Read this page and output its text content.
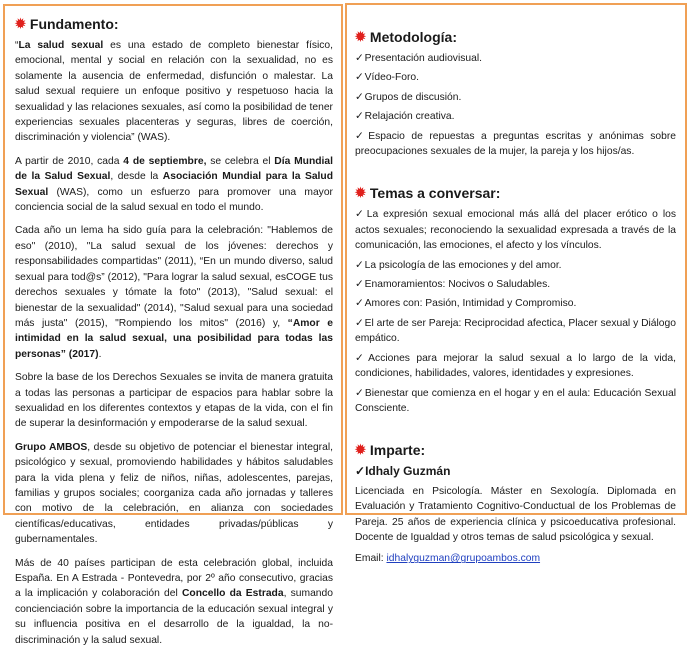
✹ Fundamento:

“La salud sexual es una estado de completo bienestar físico, emocional, mental y social en relación con la sexualidad, no es solamente la ausencia de enfermedad, disfunción o malestar. La salud sexual requiere un enfoque positivo y respetuoso hacia la sexualidad y las relaciones sexuales, así como la posibilidad de tener experiencias sexuales placenteras y seguras, libres de coerción, discriminación y violencia” (WAS).

A partir de 2010, cada 4 de septiembre, se celebra el Día Mundial de la Salud Sexual, desde la Asociación Mundial para la Salud Sexual (WAS), como un esfuerzo para promover una mayor conciencia social de la salud sexual en todo el mundo.

Cada año un lema ha sido guía para la celebración: "Hablemos de eso" (2010), "La salud sexual de los jóvenes: derechos y responsabilidades compartidas" (2011), “En un mundo diverso, salud sexual para tod@s” (2012), "Para lograr la salud sexual, esCOGE tus derechos sexuales y tómate la foto" (2013), "Salud sexual: el bienestar de la sexualidad" (2014), "Salud sexual para una sociedad más justa" (2015), "Rompiendo los mitos" (2016) y, “Amor e intimidad en la salud sexual, una posibilidad para todas las personas” (2017).

Sobre la base de los Derechos Sexuales se invita de manera gratuita a todas las personas a participar de espacios para hablar sobre la sexualidad en los diferentes contextos y etapas de la vida, con el fin de superar la desinformación y empoderarse de la salud sexual.

Grupo AMBOS, desde su objetivo de potenciar el bienestar integral, psicológico y sexual, promoviendo habilidades y hábitos saludables para la vida plena y feliz de niños, niñas, adolescentes, parejas, familias y grupos sociales; coorganiza cada año jornadas y talleres con motivo de la celebración, en alianza con sociedades científicas/educativas, entidades privadas/públicas y gubernamentales.

Más de 40 países participan de esta celebración global, incluida España. En A Estrada - Pontevedra, por 2º año consecutivo, gracias a la implicación y colaboración del Concello da Estrada, sumando concienciación sobre la importancia de la educación sexual integral y su influencia positiva en el desarrollo de la igualdad, la no-discriminación y la salud sexual.

✹ Metodología:

✓Presentación audiovisual.

✓Vídeo-Foro.

✓Grupos de discusión.

✓Relajación creativa.

✓Espacio de repuestas a preguntas escritas y anónimas sobre preocupaciones sexuales de la mujer, la pareja y los hijos/as.

✹ Temas a conversar:

✓La expresión sexual emocional más allá del placer erótico o los actos sexuales; reconociendo la sexualidad expresada a través de la comunicación, las emociones, el afecto y los vínculos.

✓La psicología de las emociones y del amor.

✓Enamoramientos: Nocivos o Saludables.

✓Amores con: Pasión, Intimidad y Compromiso.

✓El arte de ser Pareja: Reciprocidad afectica, Placer sexual y Diálogo empático.

✓Acciones para mejorar la salud sexual a lo largo de la vida, condiciones, habilidades, valores, identidades y expresiones.

✓Bienestar que comienza en el hogar y en el aula: Educación Sexual Consciente.

✹ Imparte:

✓Idhaly Guzmán

Licenciada en Psicología. Máster en Sexología. Diplomada en Evaluación y Tratamiento Cognitivo-Conductual de los Problemas de Pareja. 25 años de experiencia clínica y psicoeducativa profesional. Docente de Igualdad y otros temas de salud psicológica y sexual.

Email: idhalyguzman@grupoambos.com
